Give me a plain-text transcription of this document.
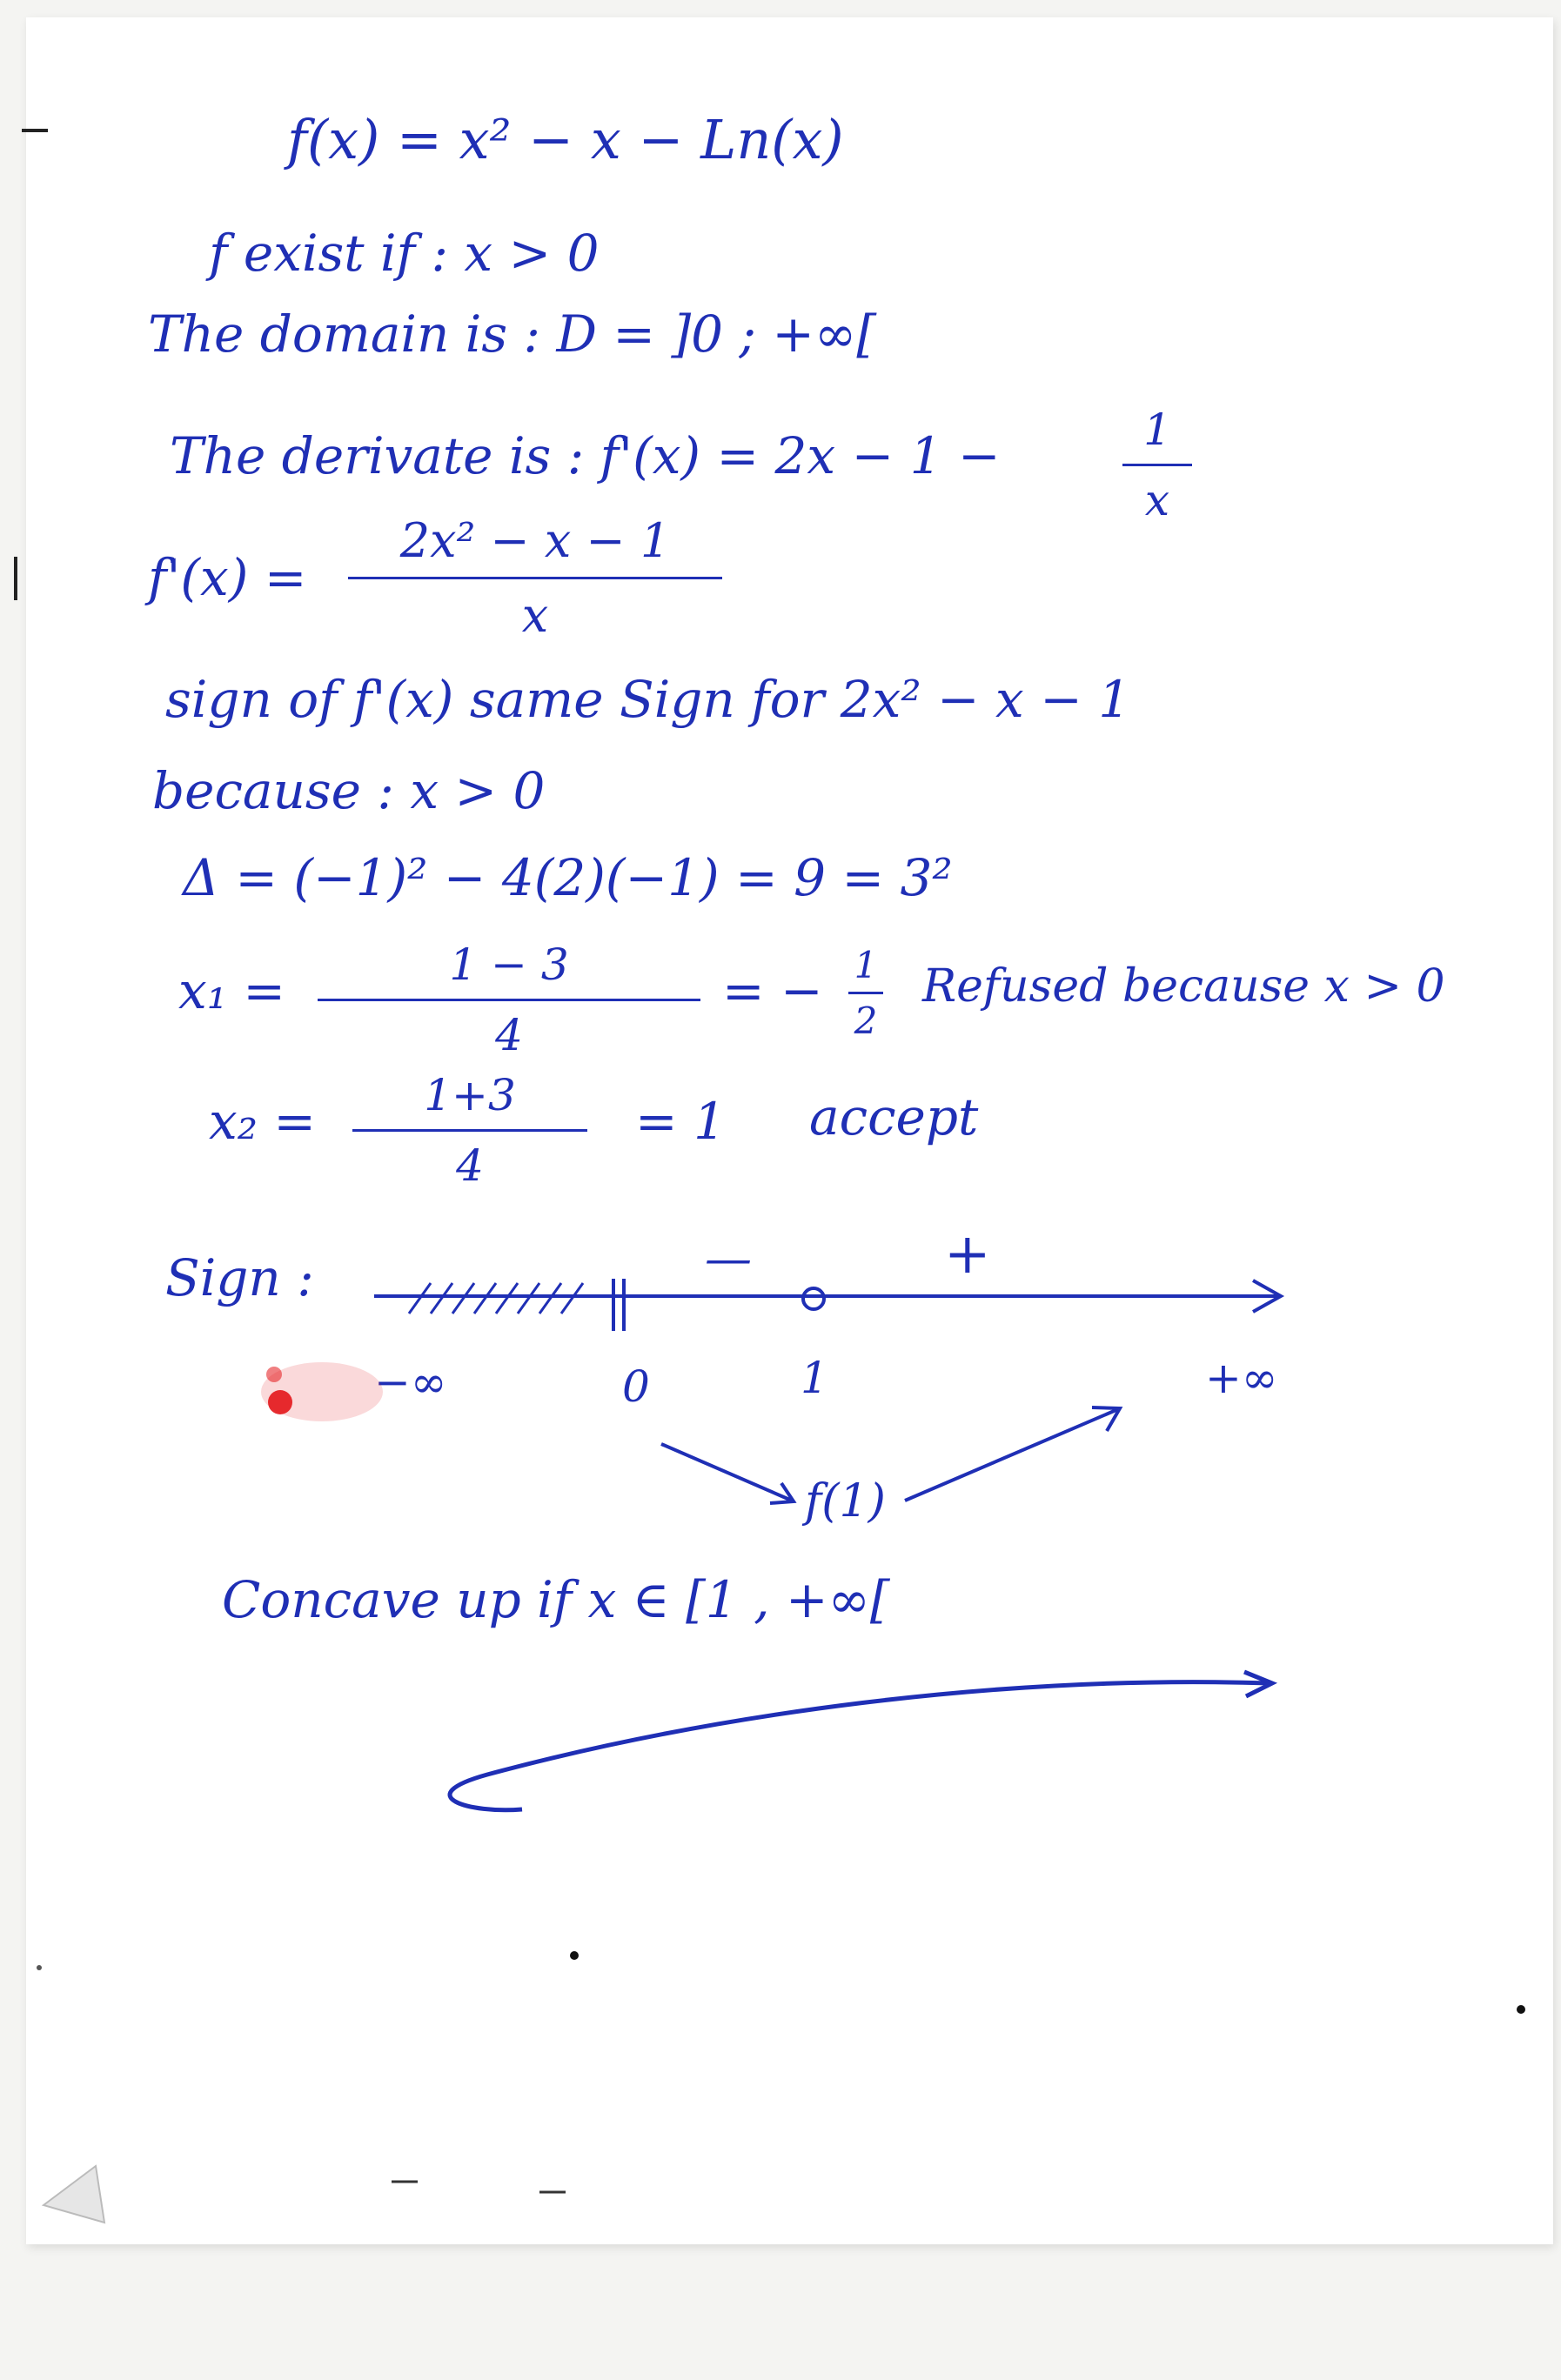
f(x) = x² − x − Ln(x)
f exist if : x > 0
The domain is : D = ]0 ; +∞[
The derivate is : f'(x) = 2x − 1 −	1
x
f'(x) =
2x² − x − 1
x
sign of f'(x) same Sign for 2x² − x − 1
because : x > 0
Δ = (−1)² − 4(2)(−1) = 9 = 3²
x₁ =	1 − 3
4
= − 1
2
Refused because x > 0
x₂ = 1+3
4
= 1 accept
Sign :	—	+
−∞	0	1	+∞
f(1)
Concave up if x ∈ [1 , +∞[
